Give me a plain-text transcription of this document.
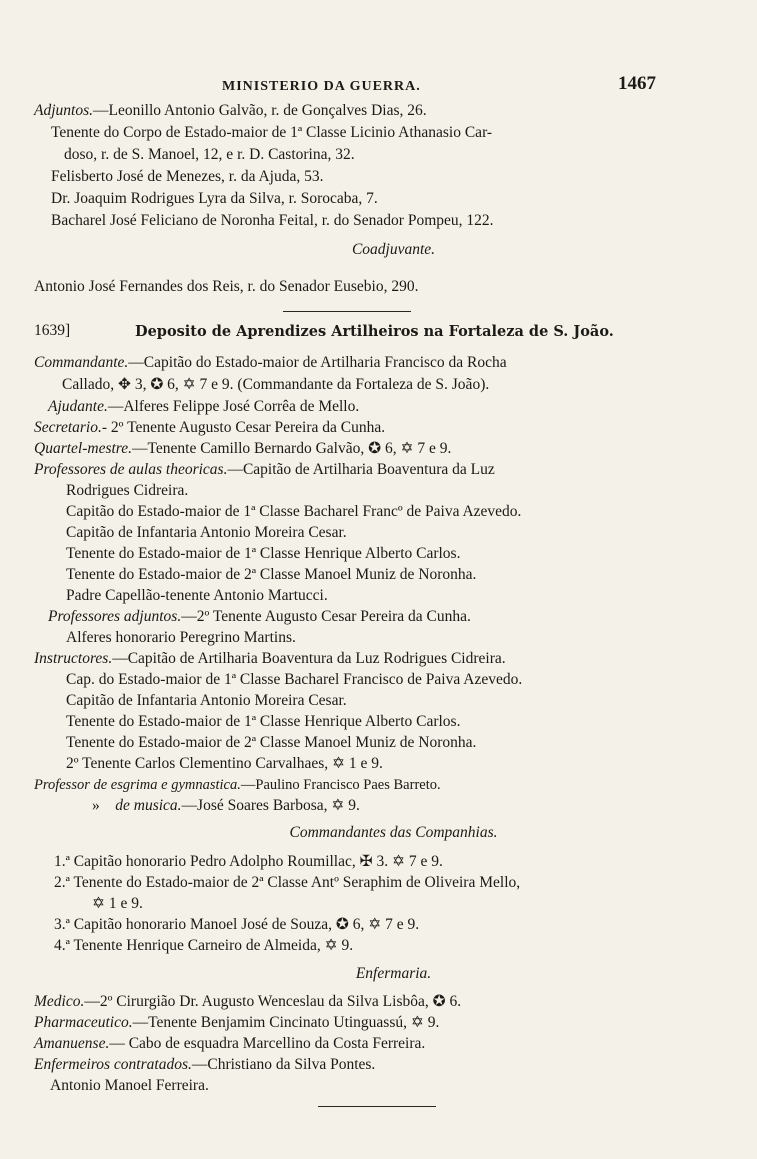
MINISTERIO DA GUERRA.	1467
Adjuntos.—Leonillo Antonio Galvão, r. de Gonçalves Dias, 26.
Tenente do Corpo de Estado-maior de 1ª Classe Licinio Athanasio Car-
doso, r. de S. Manoel, 12, e r. D. Castorina, 32.
Felisberto José de Menezes, r. da Ajuda, 53.
Dr. Joaquim Rodrigues Lyra da Silva, r. Sorocaba, 7.
Bacharel José Feliciano de Noronha Feital, r. do Senador Pompeu, 122.
Coadjuvante.
Antonio José Fernandes dos Reis, r. do Senador Eusebio, 290.
1639]	Deposito de Aprendizes Artilheiros na Fortaleza de S. João.
Commandante.—Capitão do Estado-maior de Artilharia Francisco da Rocha
Callado, ✥ 3, ✪ 6, ✡ 7 e 9. (Commandante da Fortaleza de S. João).
Ajudante.—Alferes Felippe José Corrêa de Mello.
Secretario.- 2º Tenente Augusto Cesar Pereira da Cunha.
Quartel-mestre.—Tenente Camillo Bernardo Galvão, ✪ 6, ✡ 7 e 9.
Professores de aulas theoricas.—Capitão de Artilharia Boaventura da Luz
Rodrigues Cidreira.
Capitão do Estado-maior de 1ª Classe Bacharel Francº de Paiva Azevedo.
Capitão de Infantaria Antonio Moreira Cesar.
Tenente do Estado-maior de 1ª Classe Henrique Alberto Carlos.
Tenente do Estado-maior de 2ª Classe Manoel Muniz de Noronha.
Padre Capellão-tenente Antonio Martucci.
Professores adjuntos.—2º Tenente Augusto Cesar Pereira da Cunha.
Alferes honorario Peregrino Martins.
Instructores.—Capitão de Artilharia Boaventura da Luz Rodrigues Cidreira.
Cap. do Estado-maior de 1ª Classe Bacharel Francisco de Paiva Azevedo.
Capitão de Infantaria Antonio Moreira Cesar.
Tenente do Estado-maior de 1ª Classe Henrique Alberto Carlos.
Tenente do Estado-maior de 2ª Classe Manoel Muniz de Noronha.
2º Tenente Carlos Clementino Carvalhaes, ✡ 1 e 9.
Professor de esgrima e gymnastica.—Paulino Francisco Paes Barreto.
» de musica.—José Soares Barbosa, ✡ 9.
Commandantes das Companhias.
1.ª Capitão honorario Pedro Adolpho Roumillac, ✠ 3. ✡ 7 e 9.
2.ª Tenente do Estado-maior de 2ª Classe Antº Seraphim de Oliveira Mello,
✡ 1 e 9.
3.ª Capitão honorario Manoel José de Souza, ✪ 6, ✡ 7 e 9.
4.ª Tenente Henrique Carneiro de Almeida, ✡ 9.
Enfermaria.
Medico.—2º Cirurgião Dr. Augusto Wenceslau da Silva Lisbôa, ✪ 6.
Pharmaceutico.—Tenente Benjamim Cincinato Utinguassú, ✡ 9.
Amanuense.— Cabo de esquadra Marcellino da Costa Ferreira.
Enfermeiros contratados.—Christiano da Silva Pontes.
Antonio Manoel Ferreira.
